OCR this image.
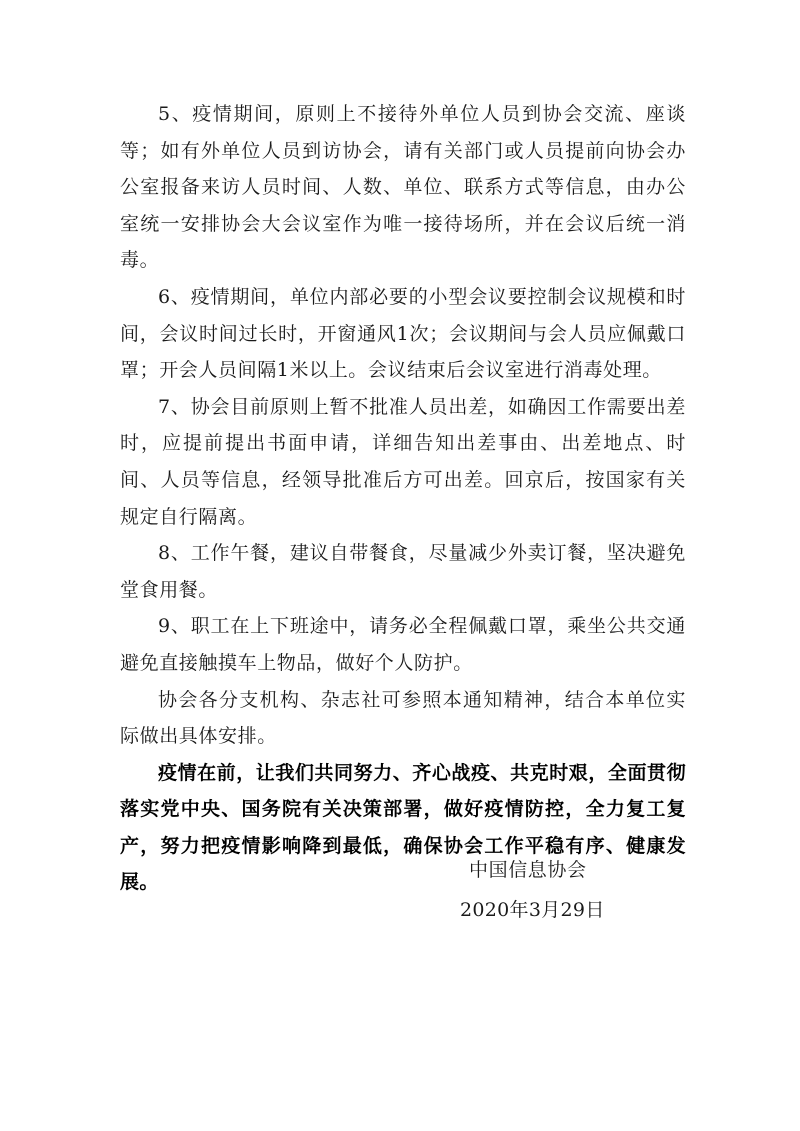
5、疫情期间，原则上不接待外单位人员到协会交流、座谈等；如有外单位人员到访协会，请有关部门或人员提前向协会办公室报备来访人员时间、人数、单位、联系方式等信息，由办公室统一安排协会大会议室作为唯一接待场所，并在会议后统一消毒。

6、疫情期间，单位内部必要的小型会议要控制会议规模和时间，会议时间过长时，开窗通风1次；会议期间与会人员应佩戴口罩；开会人员间隔1米以上。会议结束后会议室进行消毒处理。

7、协会目前原则上暂不批准人员出差，如确因工作需要出差时，应提前提出书面申请，详细告知出差事由、出差地点、时间、人员等信息，经领导批准后方可出差。回京后，按国家有关规定自行隔离。

8、工作午餐，建议自带餐食，尽量减少外卖订餐，坚决避免堂食用餐。

9、职工在上下班途中，请务必全程佩戴口罩，乘坐公共交通避免直接触摸车上物品，做好个人防护。

协会各分支机构、杂志社可参照本通知精神，结合本单位实际做出具体安排。

疫情在前，让我们共同努力、齐心战疫、共克时艰，全面贯彻落实党中央、国务院有关决策部署，做好疫情防控，全力复工复产，努力把疫情影响降到最低，确保协会工作平稳有序、健康发展。

中国信息协会
2020年3月29日
